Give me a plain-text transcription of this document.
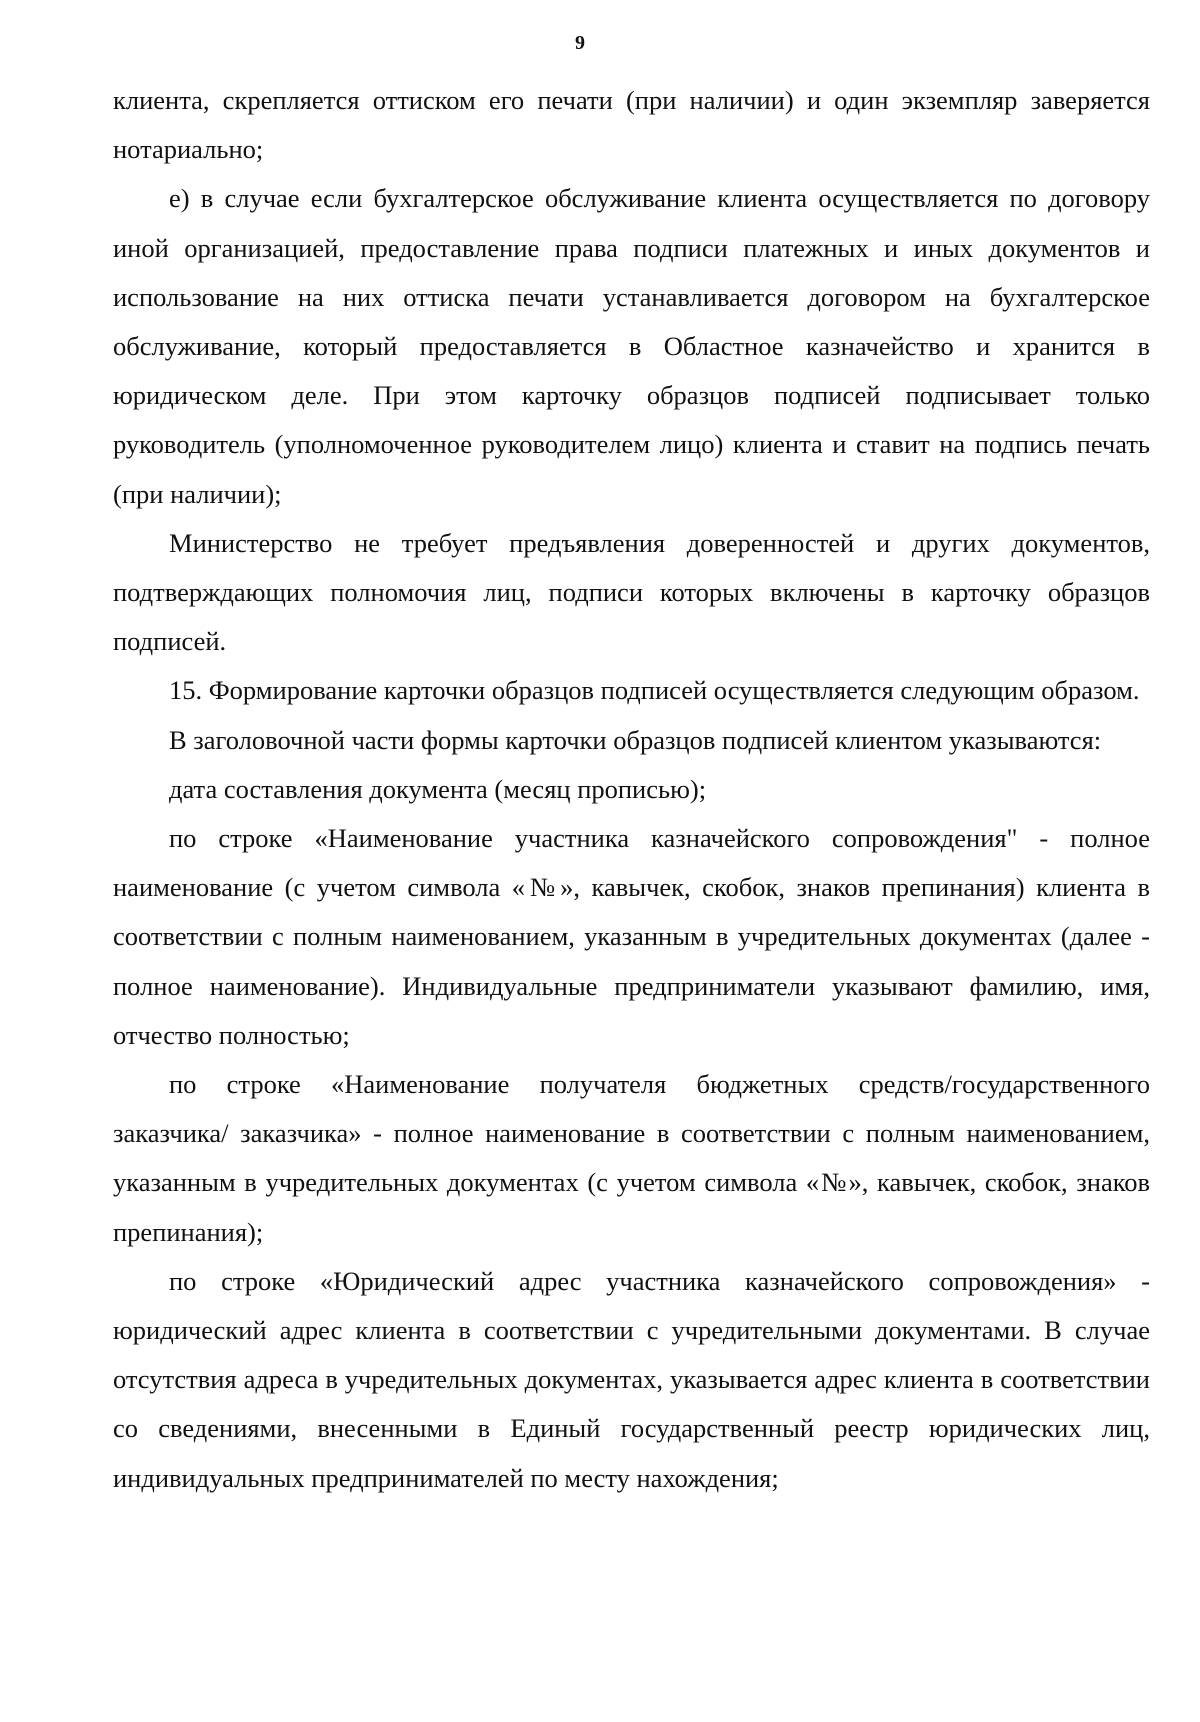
9

клиента, скрепляется оттиском его печати (при наличии) и один экземпляр заверяется нотариально;

е) в случае если бухгалтерское обслуживание клиента осуществляется по договору иной организацией, предоставление права подписи платежных и иных документов и использование на них оттиска печати устанавливается договором на бухгалтерское обслуживание, который предоставляется в Областное казначейство и хранится в юридическом деле. При этом карточку образцов подписей подписывает только руководитель (уполномоченное руководителем лицо) клиента и ставит на подпись печать (при наличии);

Министерство не требует предъявления доверенностей и других документов, подтверждающих полномочия лиц, подписи которых включены в карточку образцов подписей.

15. Формирование карточки образцов подписей осуществляется следующим образом.

В заголовочной части формы карточки образцов подписей клиентом указываются:

дата составления документа (месяц прописью);

по строке «Наименование участника казначейского сопровождения" - полное наименование (с учетом символа «№», кавычек, скобок, знаков препинания) клиента в соответствии с полным наименованием, указанным в учредительных документах (далее - полное наименование). Индивидуальные предприниматели указывают фамилию, имя, отчество полностью;

по строке «Наименование получателя бюджетных средств/государственного заказчика/ заказчика» - полное наименование в соответствии с полным наименованием, указанным в учредительных документах (с учетом символа «№», кавычек, скобок, знаков препинания);

по строке «Юридический адрес участника казначейского сопровождения» - юридический адрес клиента в соответствии с учредительными документами. В случае отсутствия адреса в учредительных документах, указывается адрес клиента в соответствии со сведениями, внесенными в Единый государственный реестр юридических лиц, индивидуальных предпринимателей по месту нахождения;
